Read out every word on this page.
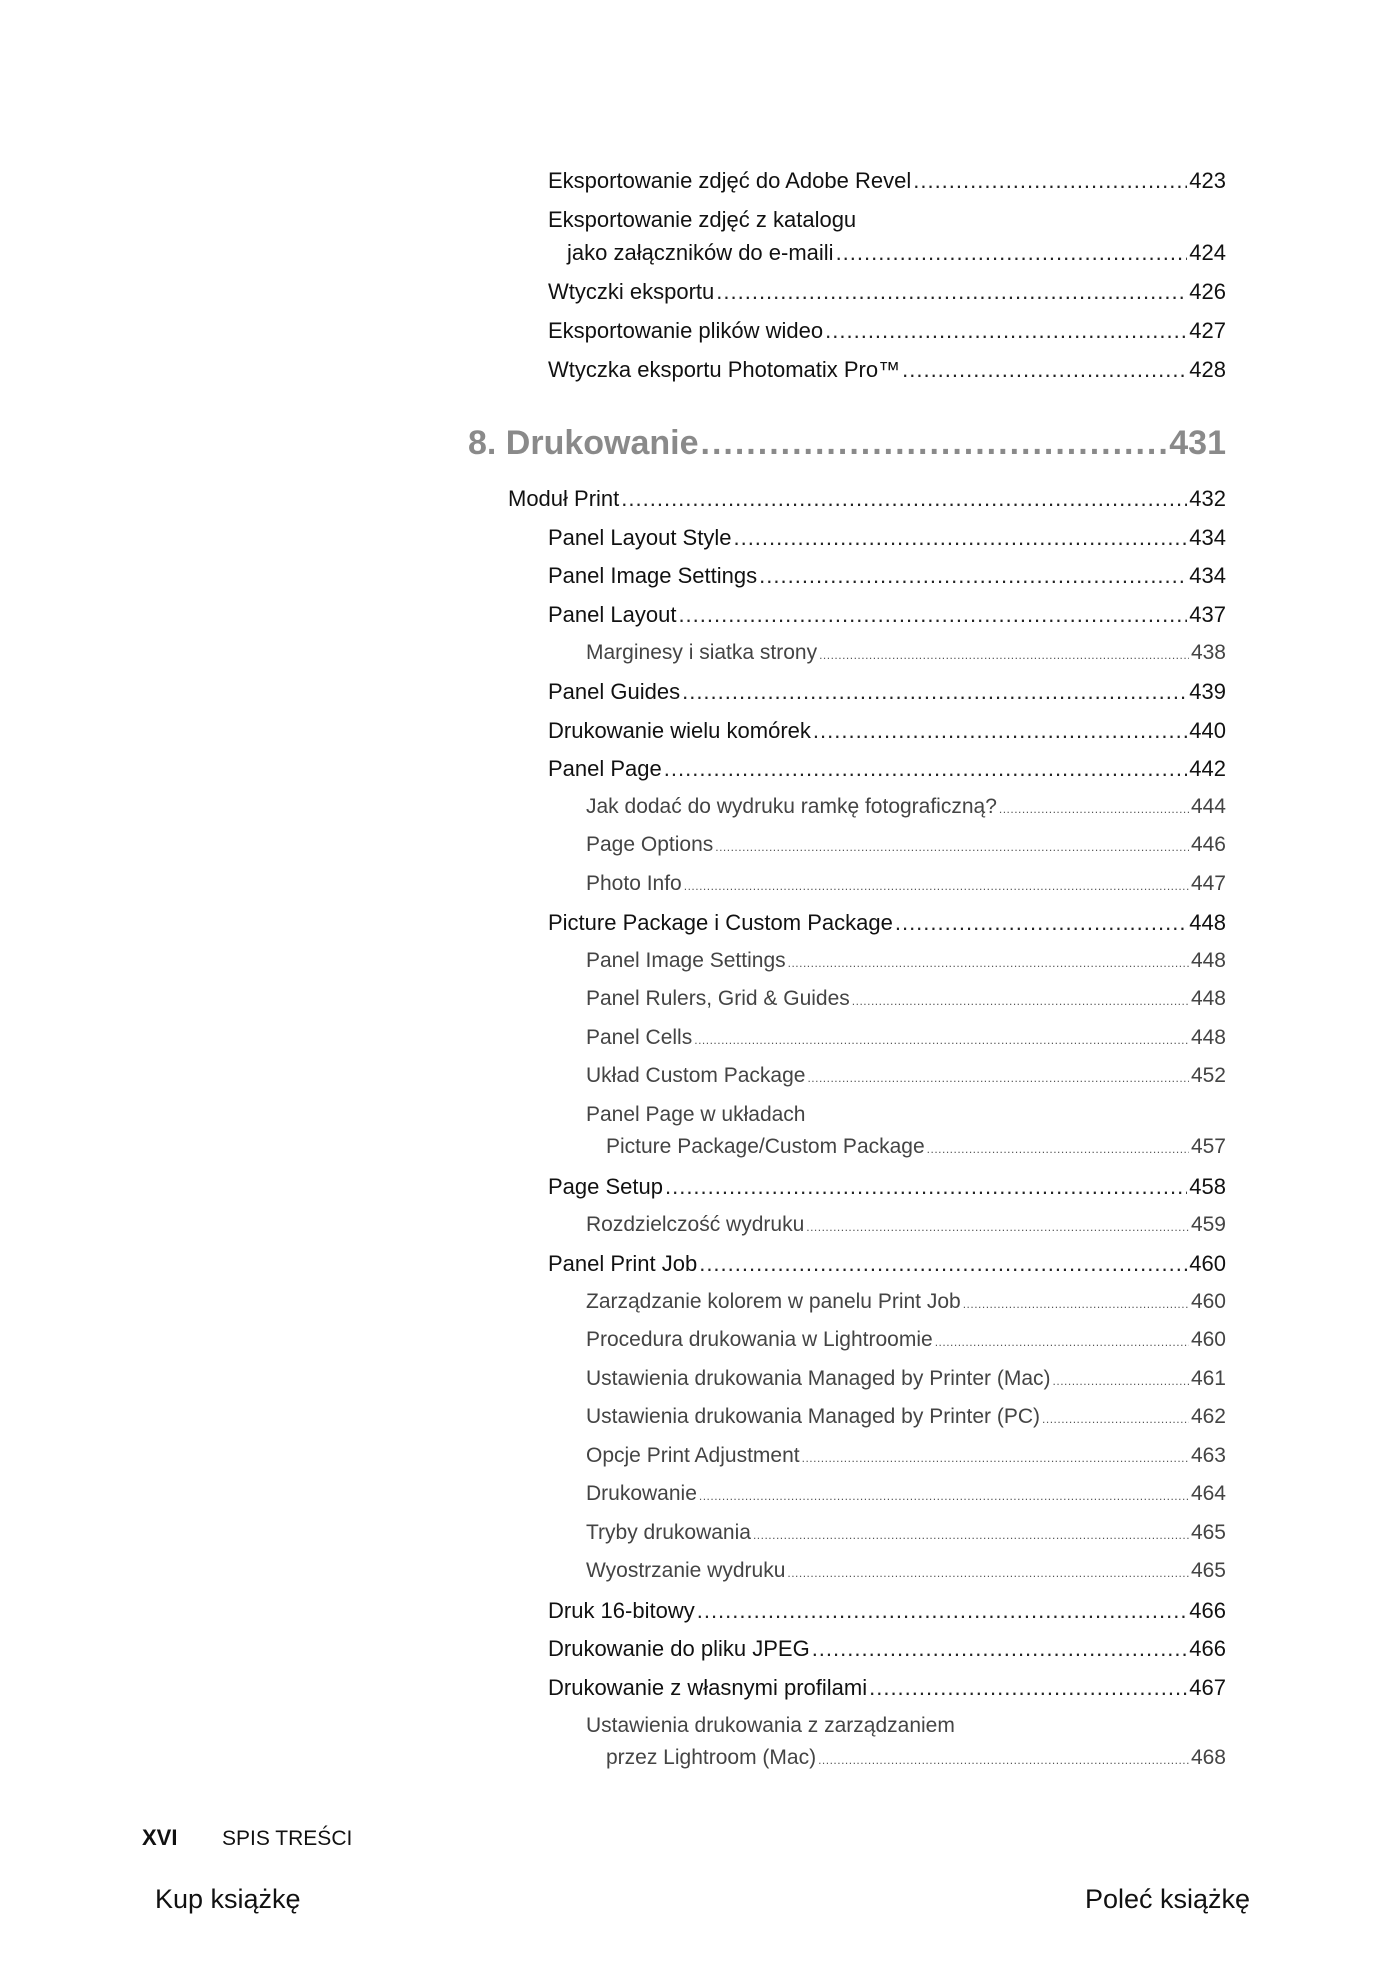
Eksportowanie zdjęć do Adobe Revel .....	423
Eksportowanie zdjęć z katalogu
jako załączników do e-maili .....	424
Wtyczki eksportu .....	426
Eksportowanie plików wideo .....	427
Wtyczka eksportu Photomatix Pro™ .....	428
8. Drukowanie .....	431
Moduł Print .....	432
Panel Layout Style .....	434
Panel Image Settings .....	434
Panel Layout .....	437
Marginesy i siatka strony .....	438
Panel Guides .....	439
Drukowanie wielu komórek .....	440
Panel Page .....	442
Jak dodać do wydruku ramkę fotograficzną? .....	444
Page Options .....	446
Photo Info .....	447
Picture Package i Custom Package .....	448
Panel Image Settings .....	448
Panel Rulers, Grid & Guides .....	448
Panel Cells .....	448
Układ Custom Package .....	452
Panel Page w układach
Picture Package/Custom Package .....	457
Page Setup .....	458
Rozdzielczość wydruku .....	459
Panel Print Job .....	460
Zarządzanie kolorem w panelu Print Job .....	460
Procedura drukowania w Lightroomie .....	460
Ustawienia drukowania Managed by Printer (Mac) .....	461
Ustawienia drukowania Managed by Printer (PC) .....	462
Opcje Print Adjustment .....	463
Drukowanie .....	464
Tryby drukowania .....	465
Wyostrzanie wydruku .....	465
Druk 16-bitowy .....	466
Drukowanie do pliku JPEG .....	466
Drukowanie z własnymi profilami .....	467
Ustawienia drukowania z zarządzaniem
przez Lightroom (Mac) .....	468
XVI SPIS TREŚCI
Kup książkę	Poleć książkę
